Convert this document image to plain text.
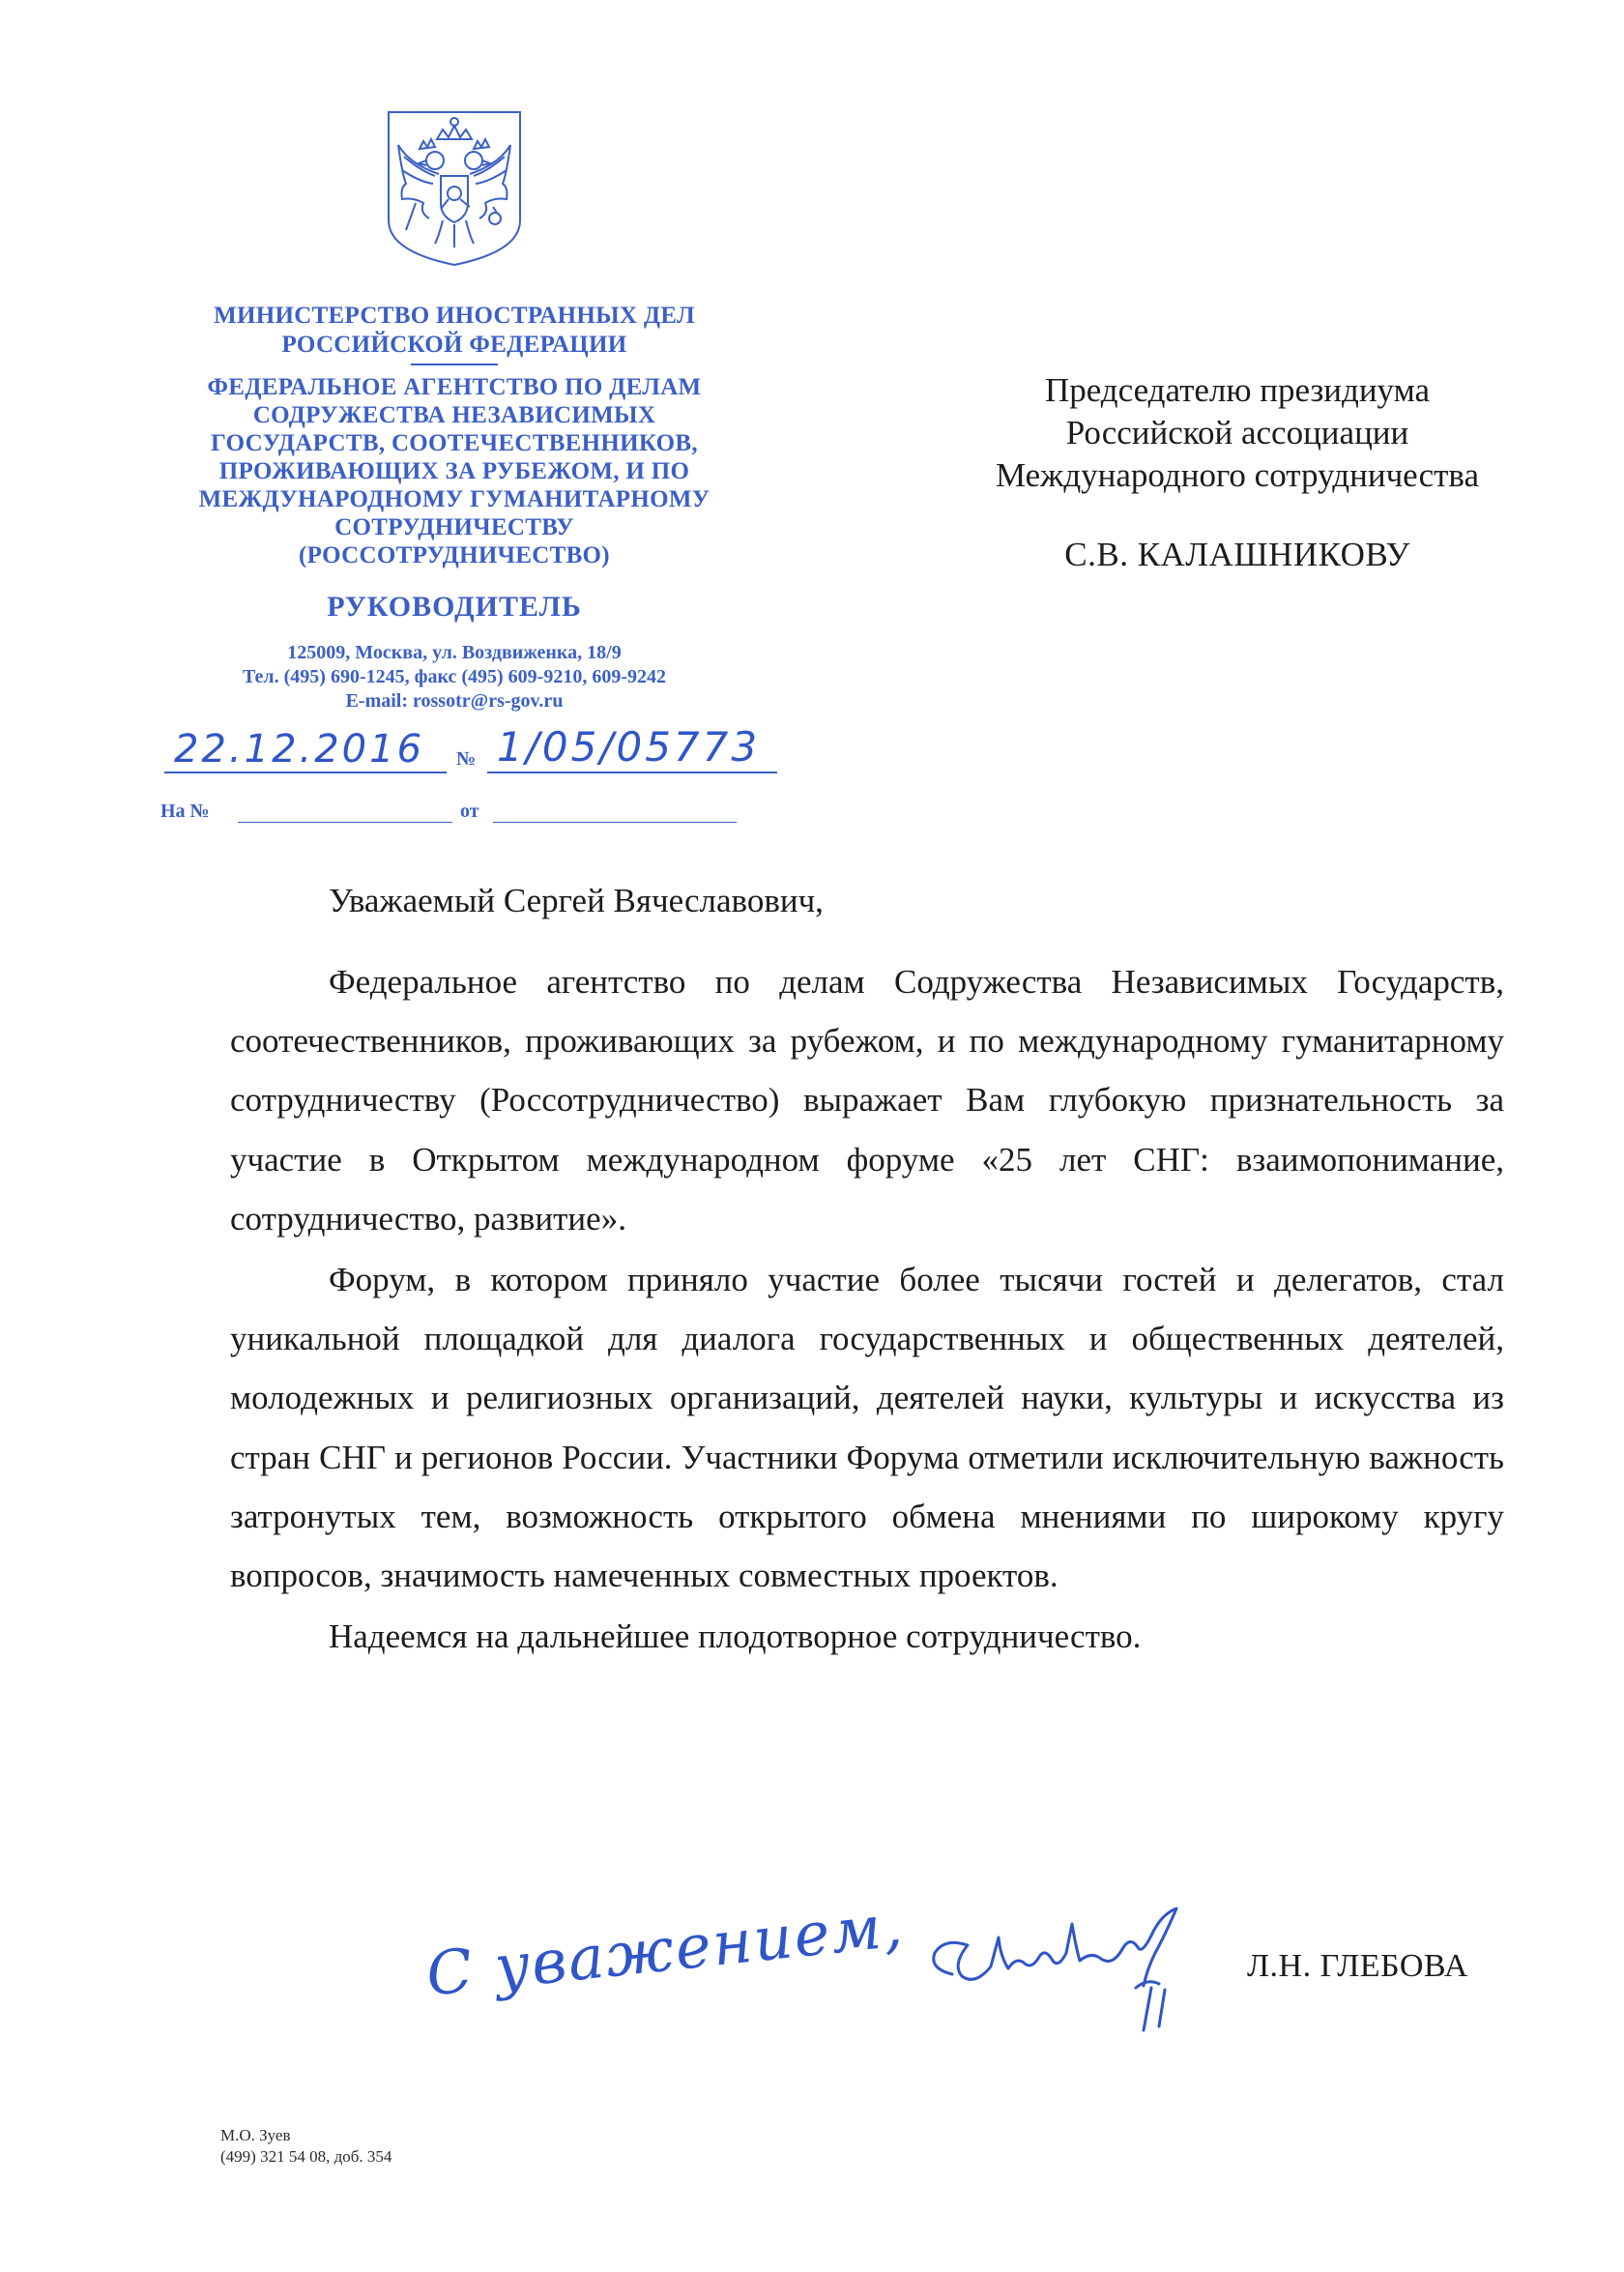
МИНИСТЕРСТВО ИНОСТРАННЫХ ДЕЛ
РОССИЙСКОЙ ФЕДЕРАЦИИ
ФЕДЕРАЛЬНОЕ АГЕНТСТВО ПО ДЕЛАМ
СОДРУЖЕСТВА НЕЗАВИСИМЫХ
ГОСУДАРСТВ, СООТЕЧЕСТВЕННИКОВ,
ПРОЖИВАЮЩИХ ЗА РУБЕЖОМ, И ПО
МЕЖДУНАРОДНОМУ ГУМАНИТАРНОМУ
СОТРУДНИЧЕСТВУ
(РОССОТРУДНИЧЕСТВО)
РУКОВОДИТЕЛЬ
125009, Москва, ул. Воздвиженка, 18/9
Тел. (495) 690-1245, факс (495) 609-9210, 609-9242
E-mail: rossotr@rs-gov.ru
22.12.2016 № 1/05/05773
На №	от
Председателю президиума
Российской ассоциации
Международного сотрудничества
С.В. КАЛАШНИКОВУ
Уважаемый Сергей Вячеславович,

Федеральное агентство по делам Содружества Независимых Государств, соотечественников, проживающих за рубежом, и по международному гуманитарному сотрудничеству (Россотрудничество) выражает Вам глубокую признательность за участие в Открытом международном форуме «25 лет СНГ: взаимопонимание, сотрудничество, развитие».

Форум, в котором приняло участие более тысячи гостей и делегатов, стал уникальной площадкой для диалога государственных и общественных деятелей, молодежных и религиозных организаций, деятелей науки, культуры и искусства из стран СНГ и регионов России. Участники Форума отметили исключительную важность затронутых тем, возможность открытого обмена мнениями по широкому кругу вопросов, значимость намеченных совместных проектов.

Надеемся на дальнейшее плодотворное сотрудничество.

С уважением,	Л.Н. ГЛЕБОВА
М.О. Зуев
(499) 321 54 08, доб. 354
